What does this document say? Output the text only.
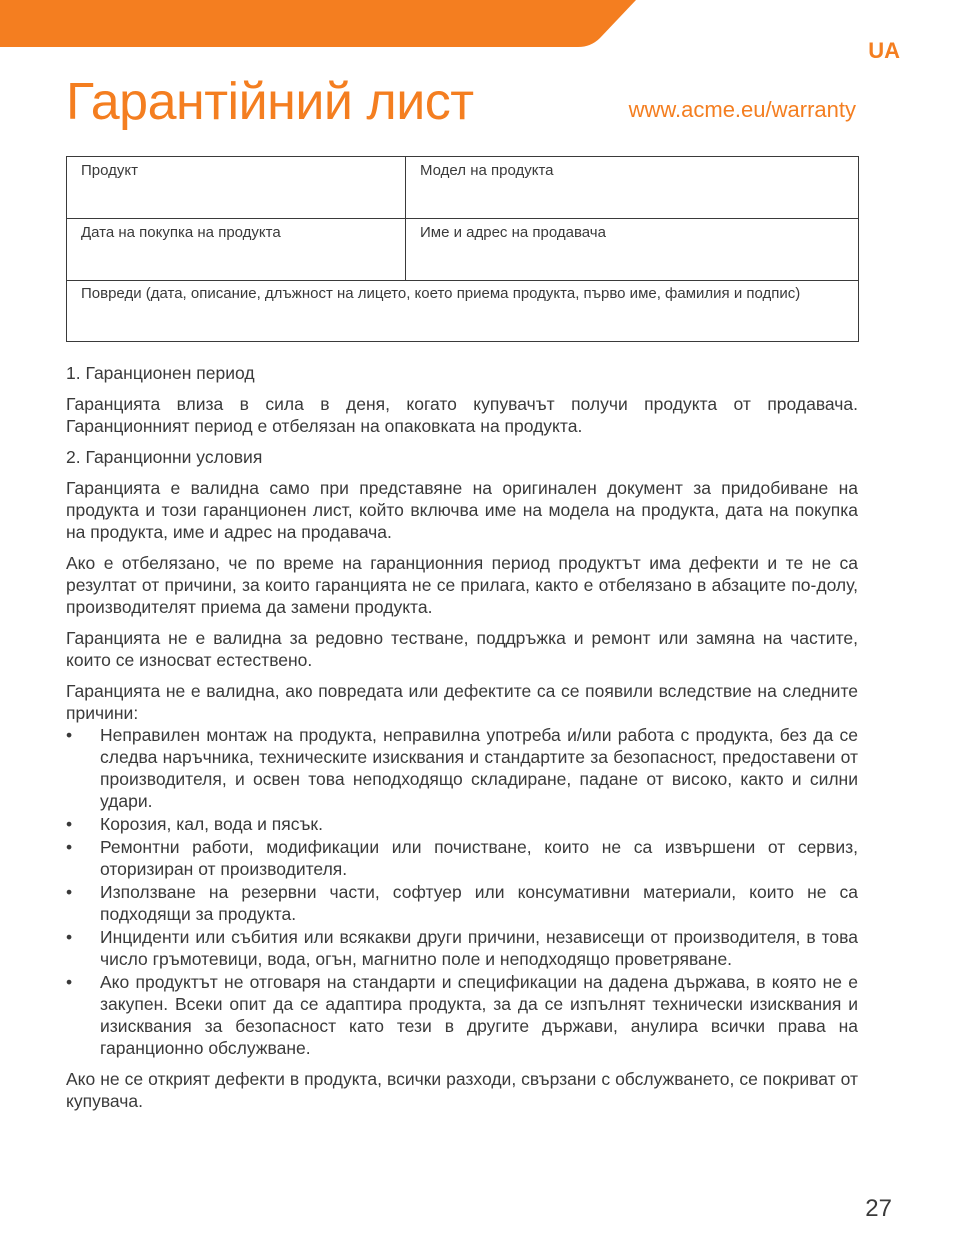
UA
Гарантійний лист	www.acme.eu/warranty
Продукт	Модел на продукта
Дата на покупка на продукта	Име и адрес на продавача
Повреди (дата, описание, длъжност на лицето, което приема продукта, първо име, фамилия и подпис)	

1. Гаранционен период

Гаранцията влиза в сила в деня, когато купувачът получи продукта от продавача. Гаранционният период е отбелязан на опаковката на продукта.

2. Гаранционни условия

Гаранцията е валидна само при представяне на оригинален документ за придобиване на продукта и този гаранционен лист, който включва име на модела на продукта, дата на покупка на продукта, име и адрес на продавача.

Ако е отбелязано, че по време на гаранционния период продуктът има дефекти и те не са резултат от причини, за които гаранцията не се прилага, както е отбелязано в абзаците по-долу, производителят приема да замени продукта.

Гаранцията не е валидна за редовно тестване, поддръжка и ремонт или замяна на частите, които се износват естествено.

Гаранцията не е валидна, ако повредата или дефектите са се появили вследствие на следните причини:

• Неправилен монтаж на продукта, неправилна употреба и/или работа с продукта, без да се следва наръчника, техническите изисквания и стандартите за безопасност, предоставени от производителя, и освен това неподходящо складиране, падане от високо, както и силни удари.
• Корозия, кал, вода и пясък.
• Ремонтни работи, модификации или почистване, които не са извършени от сервиз, оторизиран от производителя.
• Използване на резервни части, софтуер или консумативни материали, които не са подходящи за продукта.
• Инциденти или събития или всякакви други причини, независещи от производителя, в това число гръмотевици, вода, огън, магнитно поле и неподходящо проветряване.
• Ако продуктът не отговаря на стандарти и спецификации на дадена държава, в която не е закупен. Всеки опит да се адаптира продукта, за да се изпълнят технически изисквания и изисквания за безопасност като тези в другите държави, анулира всички права на гаранционно обслужване.

Ако не се открият дефекти в продукта, всички разходи, свързани с обслужването, се покриват от купувача.

27
